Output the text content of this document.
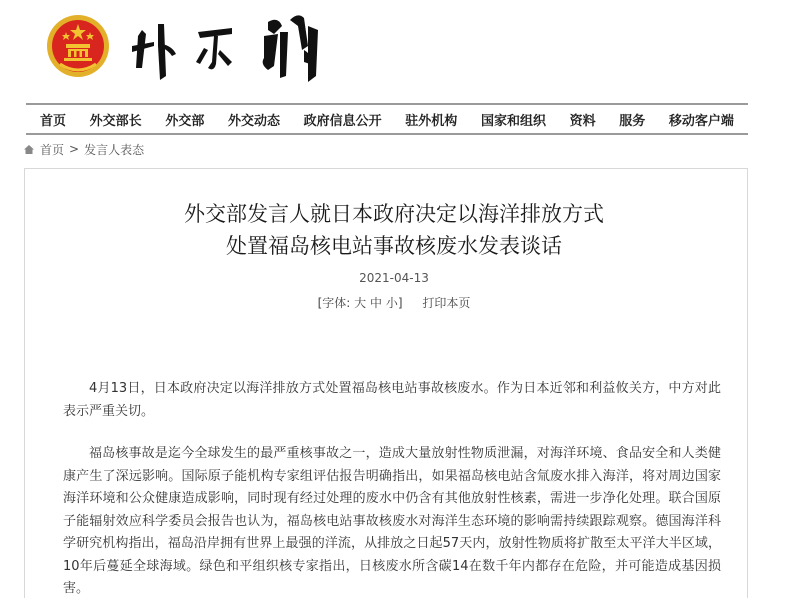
首页 外交部长 外交部 外交动态 政府信息公开 驻外机构 国家和组织 资料 服务 移动客户端
首页 > 发言人表态
外交部发言人就日本政府决定以海洋排放方式
处置福岛核电站事故核废水发表谈话
2021-04-13
[字体: 大 中 小] 打印本页
4月13日，日本政府决定以海洋排放方式处置福岛核电站事故核废水。作为日本近邻和利益攸关方，中方对此表示严重关切。
福岛核事故是迄今全球发生的最严重核事故之一，造成大量放射性物质泄漏，对海洋环境、食品安全和人类健康产生了深远影响。国际原子能机构专家组评估报告明确指出，如果福岛核电站含氚废水排入海洋，将对周边国家海洋环境和公众健康造成影响，同时现有经过处理的废水中仍含有其他放射性核素，需进一步净化处理。联合国原子能辐射效应科学委员会报告也认为，福岛核电站事故核废水对海洋生态环境的影响需持续跟踪观察。德国海洋科学研究机构指出，福岛沿岸拥有世界上最强的洋流，从排放之日起57天内，放射性物质将扩散至太平洋大半区域，10年后蔓延全球海域。绿色和平组织核专家指出，日核废水所含碳14在数千年内都存在危险，并可能造成基因损害。
